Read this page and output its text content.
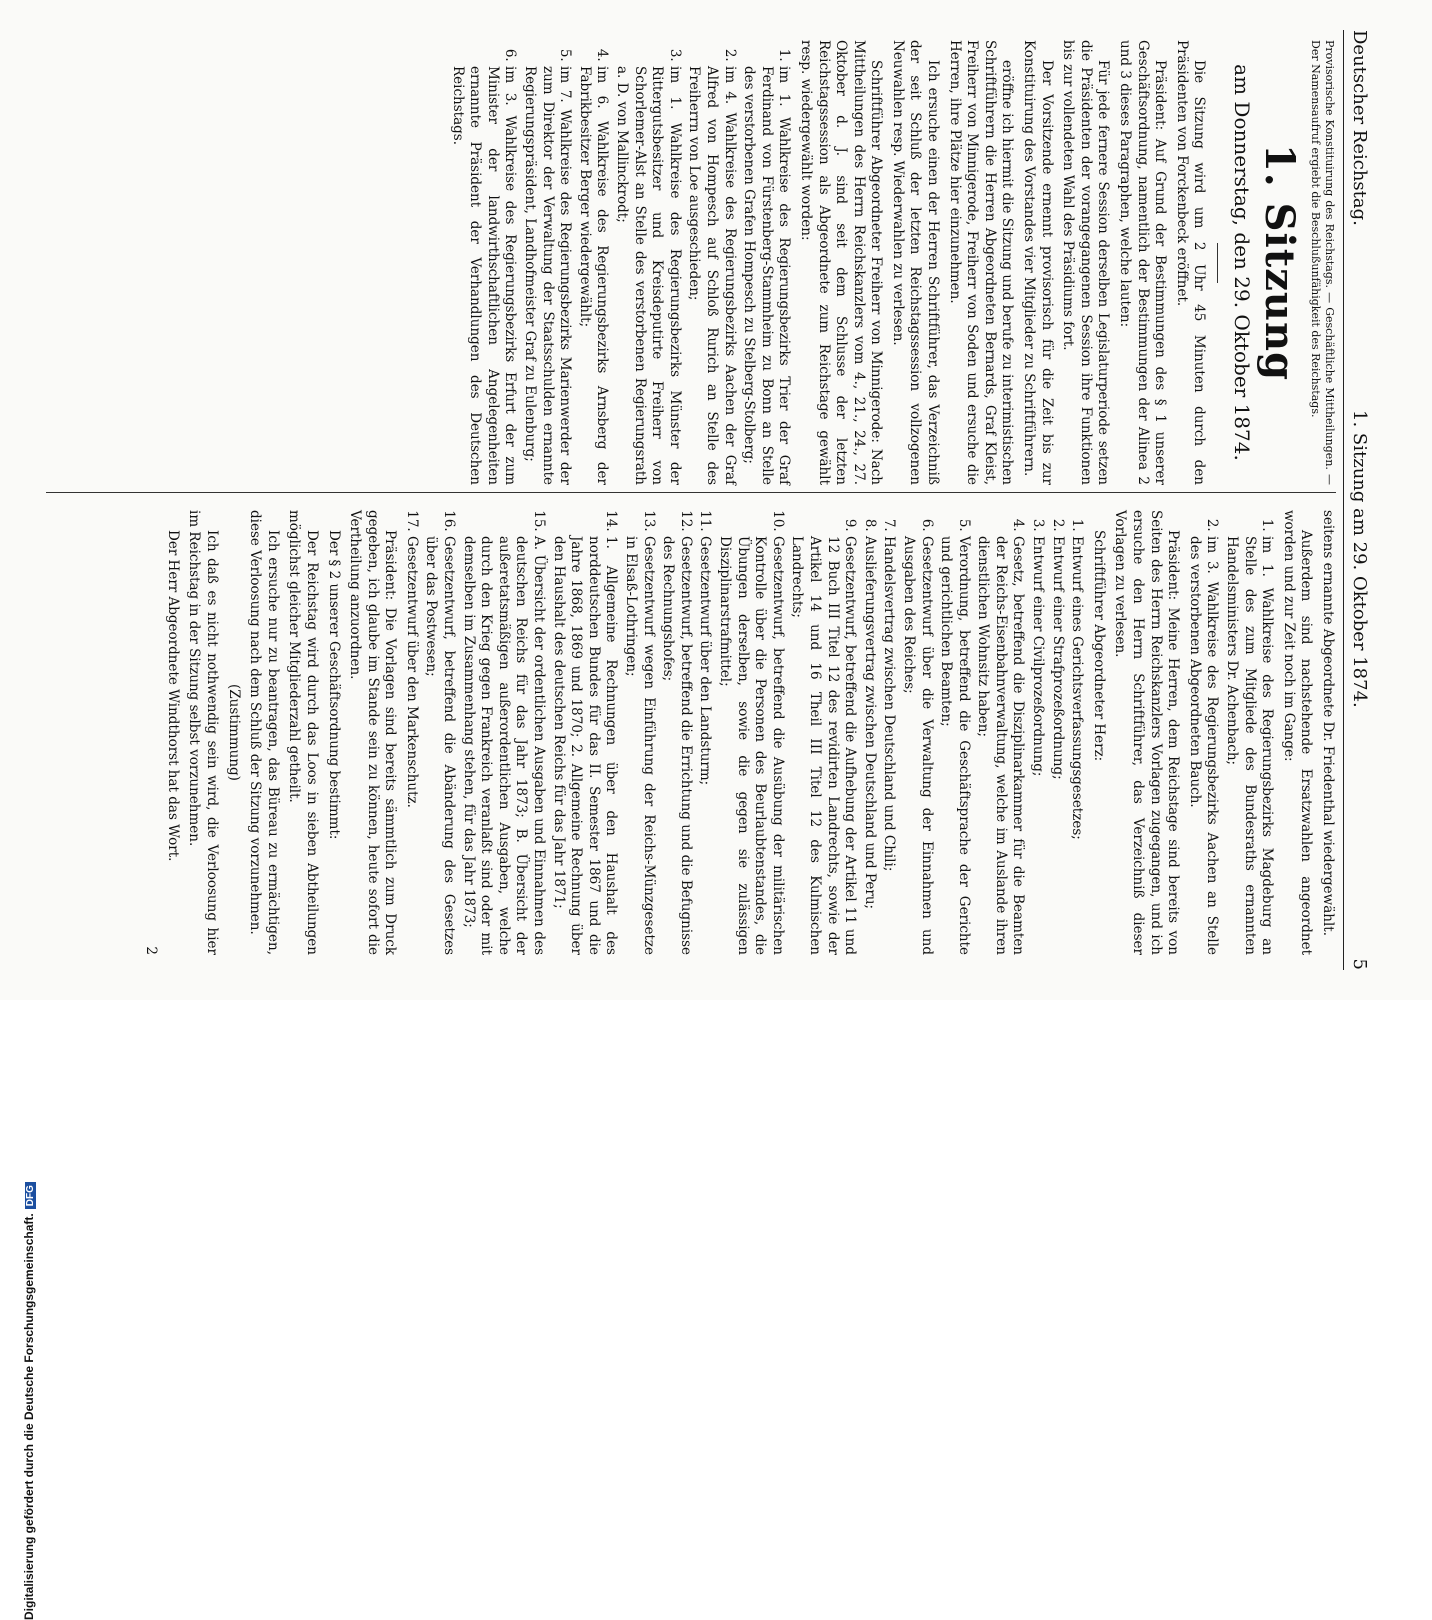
Deutscher Reichstag.
1. Sitzung am 29. Oktober 1874.
5
Provisorische Konstituirung des Reichstags. — Geschäftliche Mittheilungen. — Der Namensaufruf ergiebt die Beschlußunfähigkeit des Reichstags.
1. Sitzung
am Donnerstag, den 29. Oktober 1874.

Die Sitzung wird um 2 Uhr 45 Minuten durch den Präsidenten von Forckenbeck eröffnet.

Präsident: Auf Grund der Bestimmungen des § 1 unserer Geschäftsordnung, namentlich der Bestimmungen der Alinea 2 und 3 dieses Paragraphen, welche lauten:

Für jede fernere Session derselben Legislaturperiode setzen die Präsidenten der vorangegangenen Session ihre Funktionen bis zur vollendeten Wahl des Präsidiums fort.

Der Vorsitzende ernennt provisorisch für die Zeit bis zur Konstituirung des Vorstandes vier Mitglieder zu Schriftführern.

eröffne ich hiermit die Sitzung und berufe zu interimistischen Schriftführern die Herren Abgeordneten Bernards, Graf Kleist, Freiherr von Minnigerode, Freiherr von Soden und ersuche die Herren, ihre Plätze hier einzunehmen.

Ich ersuche einen der Herren Schriftführer, das Verzeichniß der seit Schluß der letzten Reichstagssession vollzogenen Neuwahlen resp. Wiederwahlen zu verlesen.

Schriftführer Abgeordneter Freiherr von Minnigerode: Nach Mittheilungen des Herrn Reichskanzlers vom 4., 21., 24., 27. Oktober d. J. sind seit dem Schlusse der letzten Reichstagssession als Abgeordnete zum Reichstage gewählt resp. wiedergewählt worden:

1. im 1. Wahlkreise des Regierungsbezirks Trier der Graf Ferdinand von Fürstenberg-Stammheim zu Bonn an Stelle des verstorbenen Grafen Hompesch zu Stelberg-Stolberg;
2. im 4. Wahlkreise des Regierungsbezirks Aachen der Graf Alfred von Hompesch auf Schloß Rurich an Stelle des Freiherrn von Loe ausgeschieden;
3. im 1. Wahlkreise des Regierungsbezirks Münster der Rittergutsbesitzer und Kreisdeputirte Freiherr von Schorlemer-Alst an Stelle des verstorbenen Regierungsrath a. D. von Mallinckrodt;
4. im 6. Wahlkreise des Regierungsbezirks Arnsberg der Fabrikbesitzer Berger wiedergewählt;
5. im 7. Wahlkreise des Regierungsbezirks Marienwerder der zum Direktor der Verwaltung der Staatsschulden ernannte Regierungspräsident, Landhofmeister Graf zu Eulenburg;
6. im 3. Wahlkreise des Regierungsbezirks Erfurt der zum Minister der landwirthschaftlichen Angelegenheiten ernannte Präsident der Verhandlungen des Deutschen Reichstags.

seitens ernannte Abgeordnete Dr. Friedenthal wiedergewählt.

Außerdem sind nachstehende Ersatzwahlen angeordnet worden und zur Zeit noch im Gange:

1. im 1. Wahlkreise des Regierungsbezirks Magdeburg an Stelle des zum Mitgliede des Bundesraths ernannten Handelsministers Dr. Achenbach;
2. im 3. Wahlkreise des Regierungsbezirks Aachen an Stelle des verstorbenen Abgeordneten Bauch.

Präsident: Meine Herren, dem Reichstage sind bereits von Seiten des Herrn Reichskanzlers Vorlagen zugegangen, und ich ersuche den Herrn Schriftführer, das Verzeichniß dieser Vorlagen zu verlesen.

Schriftführer Abgeordneter Herz:

1. Entwurf eines Gerichtsverfassungsgesetzes;
2. Entwurf einer Strafprozeßordnung;
3. Entwurf einer Civilprozeßordnung;
4. Gesetz, betreffend die Disziplinarkammer für die Beamten der Reichs-Eisenbahnverwaltung, welche im Auslande ihren dienstlichen Wohnsitz haben;
5. Verordnung, betreffend die Geschäftsprache der Gerichte und gerichtlichen Beamten;
6. Gesetzentwurf über die Verwaltung der Einnahmen und Ausgaben des Reiches;
7. Handelsvertrag zwischen Deutschland und Chili;
8. Auslieferungsvertrag zwischen Deutschland und Peru;
9. Gesetzentwurf, betreffend die Aufhebung der Artikel 11 und 12 Buch III Titel 12 des revidirten Landrechts, sowie der Artikel 14 und 16 Theil III Titel 12 des Kulmischen Landrechts;
10. Gesetzentwurf, betreffend die Ausübung der militärischen Kontrolle über die Personen des Beurlaubtenstandes, die Übungen derselben, sowie die gegen sie zulässigen Disziplinarstrafmittel;
11. Gesetzentwurf über den Landsturm;
12. Gesetzentwurf, betreffend die Errichtung und die Befugnisse des Rechnungshofes;
13. Gesetzentwurf wegen Einführung der Reichs-Münzgesetze in Elsaß-Lothringen;
14. 1. Allgemeine Rechnungen über den Haushalt des norddeutschen Bundes für das II. Semester 1867 und die Jahre 1868, 1869 und 1870; 2. Allgemeine Rechnung über den Haushalt des deutschen Reichs für das Jahr 1871;
15. A. Übersicht der ordentlichen Ausgaben und Einnahmen des deutschen Reichs für das Jahr 1873; B. Übersicht der außeretatsmäßigen außerordentlichen Ausgaben, welche durch den Krieg gegen Frankreich veranlaßt sind oder mit demselben im Zusammenhang stehen, für das Jahr 1873;
16. Gesetzentwurf, betreffend die Abänderung des Gesetzes über das Postwesen;
17. Gesetzentwurf über den Markenschutz.

Präsident: Die Vorlagen sind bereits sämmtlich zum Druck gegeben, ich glaube im Stande sein zu können, heute sofort die Vertheilung anzuordnen.

Der § 2 unserer Geschäftsordnung bestimmt:

Der Reichstag wird durch das Loos in sieben Abtheilungen möglichst gleicher Mitgliederzahl getheilt.

Ich ersuche nur zu beantragen, das Büreau zu ermächtigen, diese Verloosung nach dem Schluß der Sitzung vorzunehmen.

(Zustimmung)

Ich daß es nicht nothwendig sein wird, die Verloosung hier im Reichstag in der Sitzung selbst vorzunehmen.

Der Herr Abgeordnete Windthorst hat das Wort.

2

Digitalisierung gefördert durch die Deutsche Forschungsgemeinschaft.DFG
